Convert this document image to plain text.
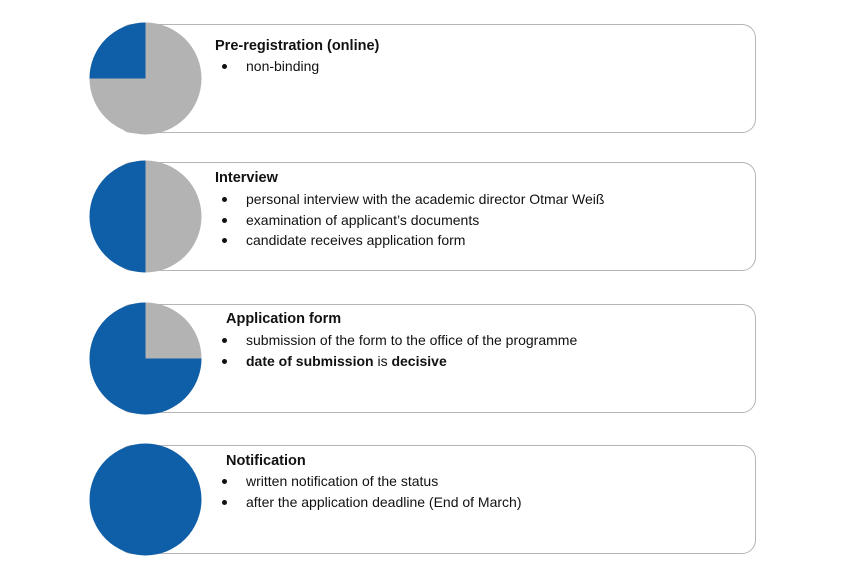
Pre-registration (online)
non-binding
Interview
personal interview with the academic director Otmar Weiß
examination of applicant’s documents
candidate receives application form
Application form
submission of the form to the office of the programme
date of submission is decisive
Notification
written notification of the status
after the application deadline (End of March)
